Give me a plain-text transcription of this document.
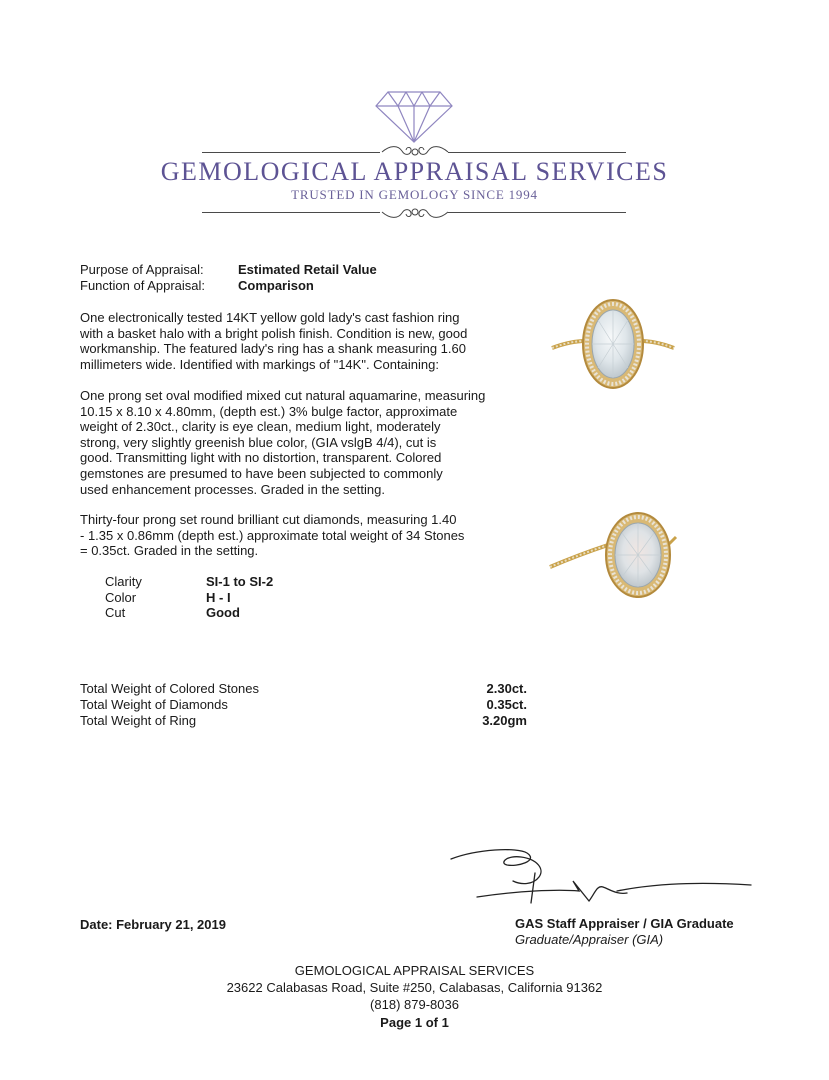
GEMOLOGICAL APPRAISAL SERVICES
TRUSTED IN GEMOLOGY SINCE 1994
Purpose of Appraisal:	Estimated Retail Value
Function of Appraisal:	Comparison
One electronically tested 14KT yellow gold lady's cast fashion ring
with a basket halo with a bright polish finish. Condition is new, good
workmanship. The featured lady's ring has a shank measuring 1.60
millimeters wide. Identified with markings of "14K". Containing:
One prong set oval modified mixed cut natural aquamarine, measuring
10.15 x 8.10 x 4.80mm, (depth est.) 3% bulge factor, approximate
weight of 2.30ct., clarity is eye clean, medium light, moderately
strong, very slightly greenish blue color, (GIA vslgB 4/4), cut is
good. Transmitting light with no distortion, transparent. Colored
gemstones are presumed to have been subjected to commonly
used enhancement processes. Graded in the setting.
Thirty-four prong set round brilliant cut diamonds, measuring 1.40
- 1.35 x 0.86mm (depth est.) approximate total weight of 34 Stones
= 0.35ct. Graded in the setting.
Clarity	SI-1 to SI-2
Color	H - I
Cut	Good
Total Weight of Colored Stones	2.30ct.
Total Weight of Diamonds	0.35ct.
Total Weight of Ring	3.20gm
Date: February 21, 2019	GAS Staff Appraiser / GIA Graduate
Graduate/Appraiser (GIA)
GEMOLOGICAL APPRAISAL SERVICES
23622 Calabasas Road, Suite #250, Calabasas, California 91362
(818) 879-8036
Page 1 of 1
